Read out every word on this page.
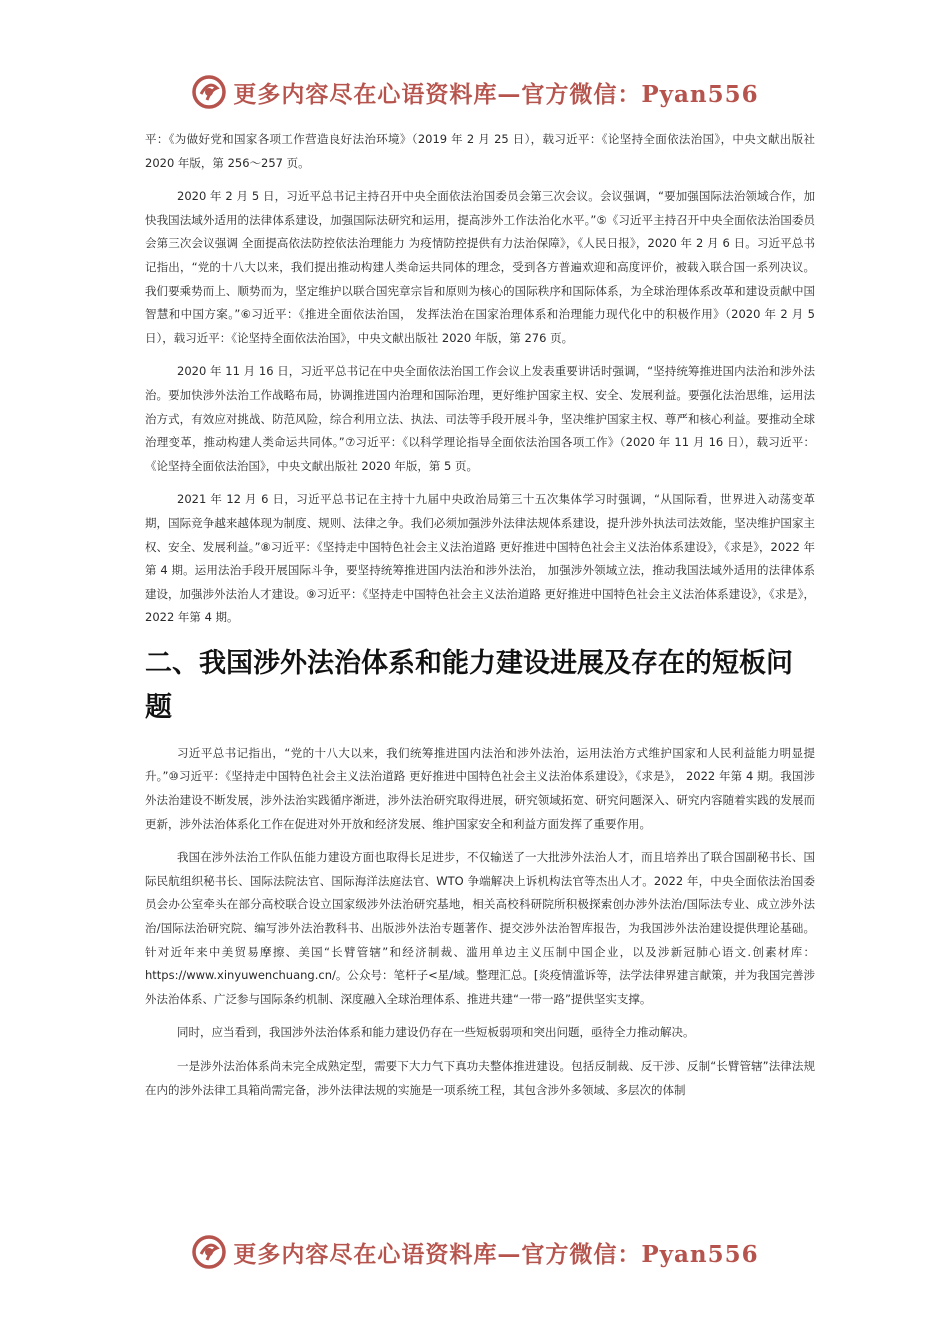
更多内容尽在心语资料库—官方微信：Pyan556

平：《为做好党和国家各项工作营造良好法治环境》（2019 年 2 月 25 日），载习近平：《论坚持全面依法治国》，中央文献出版社 2020 年版，第 256～257 页。

2020 年 2 月 5 日，习近平总书记主持召开中央全面依法治国委员会第三次会议。会议强调，“要加强国际法治领域合作，加快我国法域外适用的法律体系建设，加强国际法研究和运用，提高涉外工作法治化水平。”⑤《习近平主持召开中央全面依法治国委员会第三次会议强调 全面提高依法防控依法治理能力 为疫情防控提供有力法治保障》，《人民日报》，2020 年 2 月 6 日。习近平总书记指出，“党的十八大以来，我们提出推动构建人类命运共同体的理念，受到各方普遍欢迎和高度评价，被载入联合国一系列决议。我们要乘势而上、顺势而为，坚定维护以联合国宪章宗旨和原则为核心的国际秩序和国际体系，为全球治理体系改革和建设贡献中国智慧和中国方案。”⑥习近平：《推进全面依法治国， 发挥法治在国家治理体系和治理能力现代化中的积极作用》（2020 年 2 月 5 日），载习近平：《论坚持全面依法治国》，中央文献出版社 2020 年版，第 276 页。

2020 年 11 月 16 日，习近平总书记在中央全面依法治国工作会议上发表重要讲话时强调，“坚持统筹推进国内法治和涉外法治。要加快涉外法治工作战略布局，协调推进国内治理和国际治理，更好维护国家主权、安全、发展利益。要强化法治思维，运用法治方式，有效应对挑战、防范风险，综合利用立法、执法、司法等手段开展斗争，坚决维护国家主权、尊严和核心利益。要推动全球治理变革，推动构建人类命运共同体。”⑦习近平：《以科学理论指导全面依法治国各项工作》（2020 年 11 月 16 日），载习近平：《论坚持全面依法治国》，中央文献出版社 2020 年版，第 5 页。

2021 年 12 月 6 日，习近平总书记在主持十九届中央政治局第三十五次集体学习时强调，“从国际看，世界进入动荡变革期，国际竞争越来越体现为制度、规则、法律之争。我们必须加强涉外法律法规体系建设，提升涉外执法司法效能，坚决维护国家主权、安全、发展利益。”⑧习近平：《坚持走中国特色社会主义法治道路 更好推进中国特色社会主义法治体系建设》，《求是》，2022 年第 4 期。运用法治手段开展国际斗争，要坚持统筹推进国内法治和涉外法治， 加强涉外领域立法，推动我国法域外适用的法律体系建设，加强涉外法治人才建设。⑨习近平：《坚持走中国特色社会主义法治道路 更好推进中国特色社会主义法治体系建设》，《求是》，2022 年第 4 期。

二、我国涉外法治体系和能力建设进展及存在的短板问题

习近平总书记指出，“党的十八大以来，我们统筹推进国内法治和涉外法治，运用法治方式维护国家和人民利益能力明显提升。”⑩习近平：《坚持走中国特色社会主义法治道路 更好推进中国特色社会主义法治体系建设》，《求是》， 2022 年第 4 期。我国涉外法治建设不断发展，涉外法治实践循序渐进，涉外法治研究取得进展，研究领域拓宽、研究问题深入、研究内容随着实践的发展而更新，涉外法治体系化工作在促进对外开放和经济发展、维护国家安全和利益方面发挥了重要作用。

我国在涉外法治工作队伍能力建设方面也取得长足进步，不仅输送了一大批涉外法治人才，而且培养出了联合国副秘书长、国际民航组织秘书长、国际法院法官、国际海洋法庭法官、WTO 争端解决上诉机构法官等杰出人才。2022 年，中央全面依法治国委员会办公室牵头在部分高校联合设立国家级涉外法治研究基地，相关高校科研院所积极探索创办涉外法治/国际法专业、成立涉外法治/国际法治研究院、编写涉外法治教科书、出版涉外法治专题著作、提交涉外法治智库报告，为我国涉外法治建设提供理论基础。针对近年来中美贸易摩擦、美国“长臂管辖”和经济制裁、滥用单边主义压制中国企业，以及涉新冠肺心语文.创素材库：https://www.xinyuwenchuang.cn/。公众号：笔杆子<星/域。整理汇总。[炎疫情滥诉等，法学法律界建言献策，并为我国完善涉外法治体系、广泛参与国际条约机制、深度融入全球治理体系、推进共建“一带一路”提供坚实支撑。

同时，应当看到，我国涉外法治体系和能力建设仍存在一些短板弱项和突出问题，亟待全力推动解决。

一是涉外法治体系尚未完全成熟定型，需要下大力气下真功夫整体推进建设。包括反制裁、反干涉、反制“长臂管辖”法律法规在内的涉外法律工具箱尚需完备，涉外法律法规的实施是一项系统工程，其包含涉外多领域、多层次的体制

更多内容尽在心语资料库—官方微信：Pyan556
